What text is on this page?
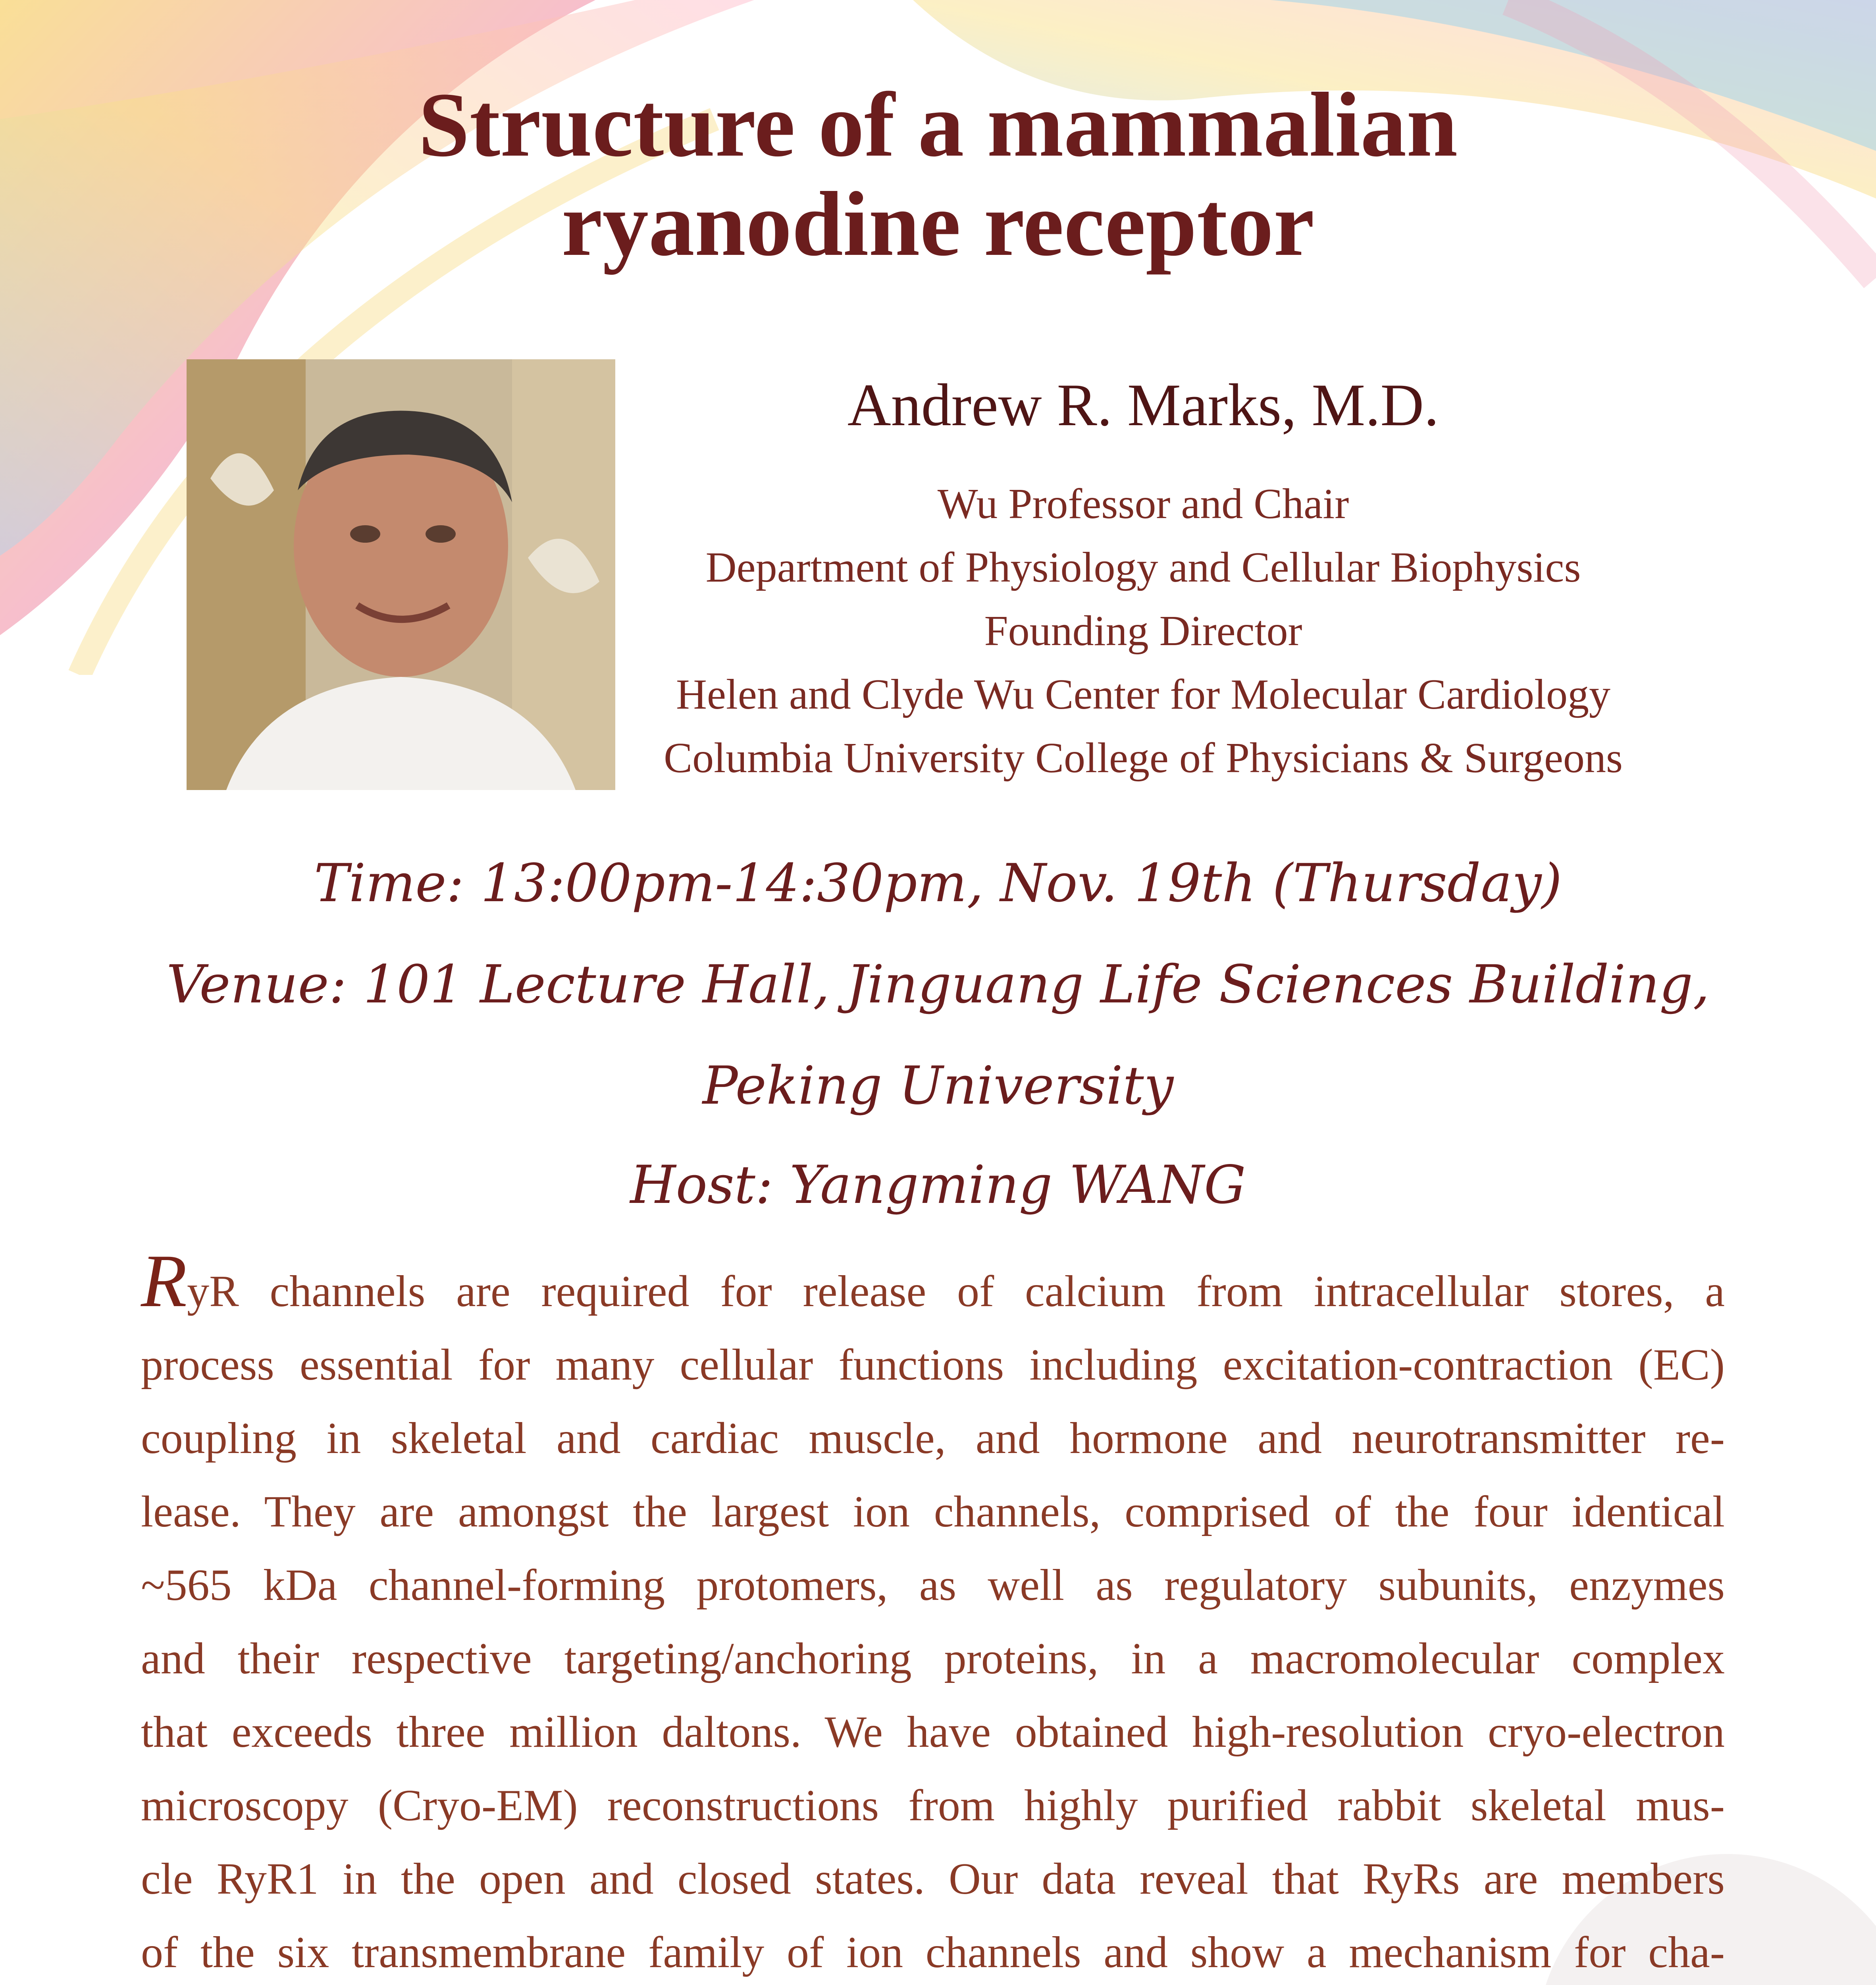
Structure of a mammalian
ryanodine receptor
Andrew R. Marks, M.D.
Wu Professor and Chair
Department of Physiology and Cellular Biophysics
Founding Director
Helen and Clyde Wu Center for Molecular Cardiology
Columbia University College of Physicians & Surgeons
Time: 13:00pm-14:30pm, Nov. 19th (Thursday)
Venue: 101 Lecture Hall, Jinguang Life Sciences Building,
Peking University
Host: Yangming WANG
RyR channels are required for release of calcium from intracellular stores, a
process essential for many cellular functions including excitation-contraction (EC)
coupling in skeletal and cardiac muscle, and hormone and neurotransmitter re-
lease. They are amongst the largest ion channels, comprised of the four identical
~565 kDa channel-forming protomers, as well as regulatory subunits, enzymes
and their respective targeting/anchoring proteins, in a macromolecular complex
that exceeds three million daltons. We have obtained high-resolution cryo-electron
microscopy (Cryo-EM) reconstructions from highly purified rabbit skeletal mus-
cle RyR1 in the open and closed states. Our data reveal that RyRs are members
of the six transmembrane family of ion channels and show a mechanism for cha-
